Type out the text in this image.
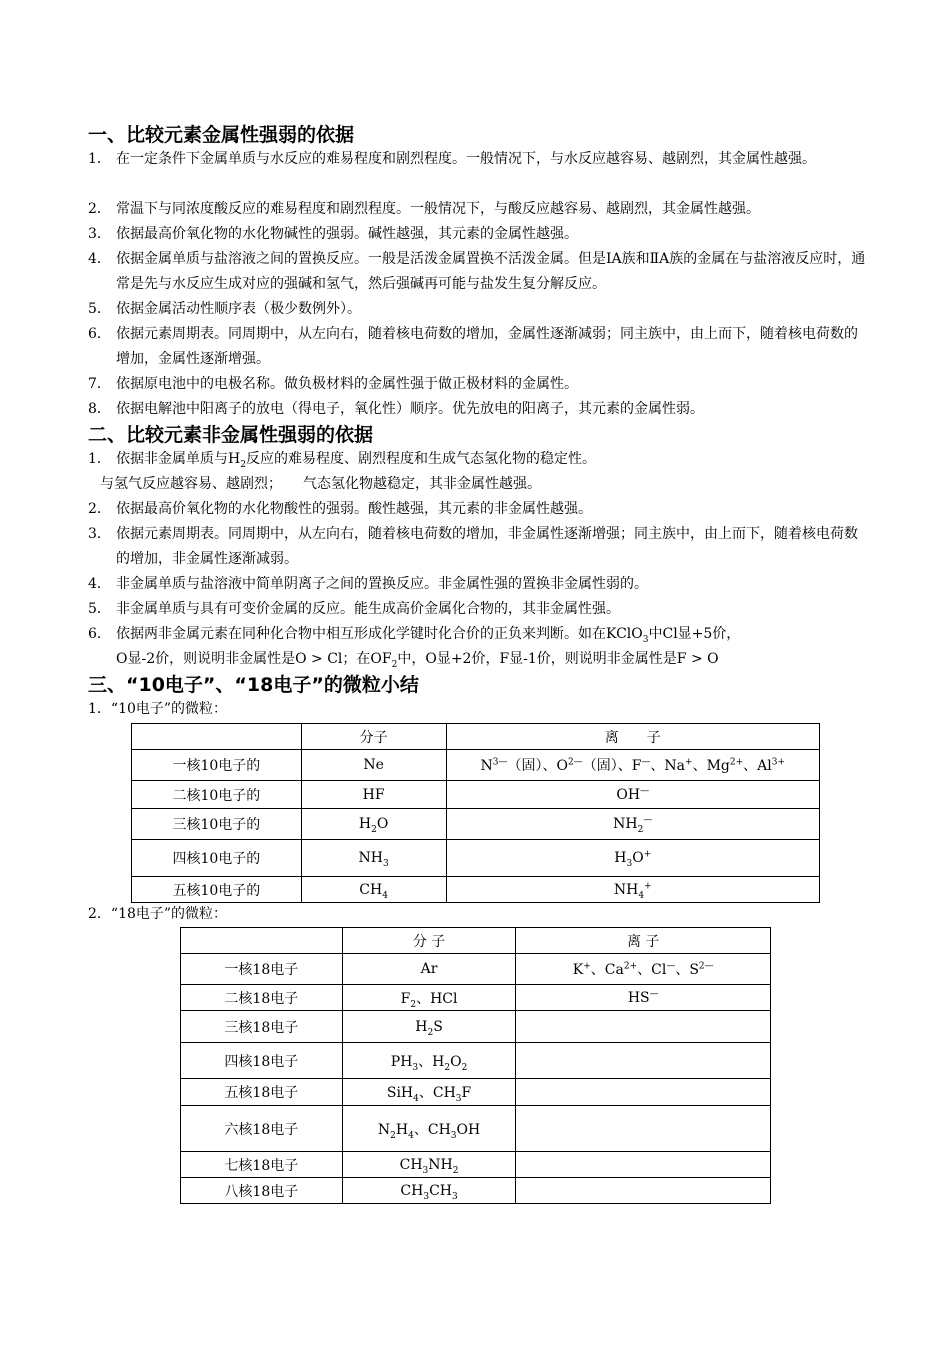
一、比较元素金属性强弱的依据
1． 在一定条件下金属单质与水反应的难易程度和剧烈程度。一般情况下，与水反应越容易、越剧烈，其金属性越强。
2． 常温下与同浓度酸反应的难易程度和剧烈程度。一般情况下，与酸反应越容易、越剧烈，其金属性越强。
3． 依据最高价氧化物的水化物碱性的强弱。碱性越强，其元素的金属性越强。
4． 依据金属单质与盐溶液之间的置换反应。一般是活泼金属置换不活泼金属。但是ⅠA族和ⅡA族的金属在与盐溶液反应时，通常是先与水反应生成对应的强碱和氢气，然后强碱再可能与盐发生复分解反应。
5． 依据金属活动性顺序表（极少数例外）。
6． 依据元素周期表。同周期中，从左向右，随着核电荷数的增加，金属性逐渐减弱；同主族中，由上而下，随着核电荷数的增加，金属性逐渐增强。
7． 依据原电池中的电极名称。做负极材料的金属性强于做正极材料的金属性。
8． 依据电解池中阳离子的放电（得电子，氧化性）顺序。优先放电的阳离子，其元素的金属性弱。
二、比较元素非金属性强弱的依据
1． 依据非金属单质与$H_2$反应的难易程度、剧烈程度和生成气态氢化物的稳定性。
与氢气反应越容易、越剧烈；　　气态氢化物越稳定，其非金属性越强。
2． 依据最高价氧化物的水化物酸性的强弱。酸性越强，其元素的非金属性越强。
3． 依据元素周期表。同周期中，从左向右，随着核电荷数的增加，非金属性逐渐增强；同主族中，由上而下，随着核电荷数的增加，非金属性逐渐减弱。
4． 非金属单质与盐溶液中简单阴离子之间的置换反应。非金属性强的置换非金属性弱的。
5． 非金属单质与具有可变价金属的反应。能生成高价金属化合物的，其非金属性强。
6． 依据两非金属元素在同种化合物中相互形成化学键时化合价的正负来判断。如在KClO$_3$中Cl显+5价，
O显-2价，则说明非金属性是O > Cl；在$OF_2$中，O显+2价，F显-1价，则说明非金属性是F > O
三、“10电子”、“18电子”的微粒小结
1．“10电子”的微粒：
	分子	离　　子
一核10电子的	Ne	$N^{3—}$（固）、$O^{2—}$（固）、F—、Na+、$Mg^{2+}$、$Al^{3+}$
二核10电子的	HF	OH—
三核10电子的	$H_2O$	$NH_2^—$
四核10电子的	$NH_3$	$H_3O^+$
五核10电子的	$CH_4$	$NH_4^+$
2．“18电子”的微粒：
	分 子	离 子
一核18电子	Ar	K+、$Ca^{2+}$、Cl—、$S^{2—}$
二核18电子	$F_2$、HCl	HS—
三核18电子	$H_2S$	
四核18电子	$PH_3$、$H_2O_2$	
五核18电子	SiH$_4$、$CH_3F$	
六核18电子	$N_2H_4$、$CH_3OH$	
七核18电子	$CH_3NH_2$	
八核18电子	$CH_3CH_3$	
